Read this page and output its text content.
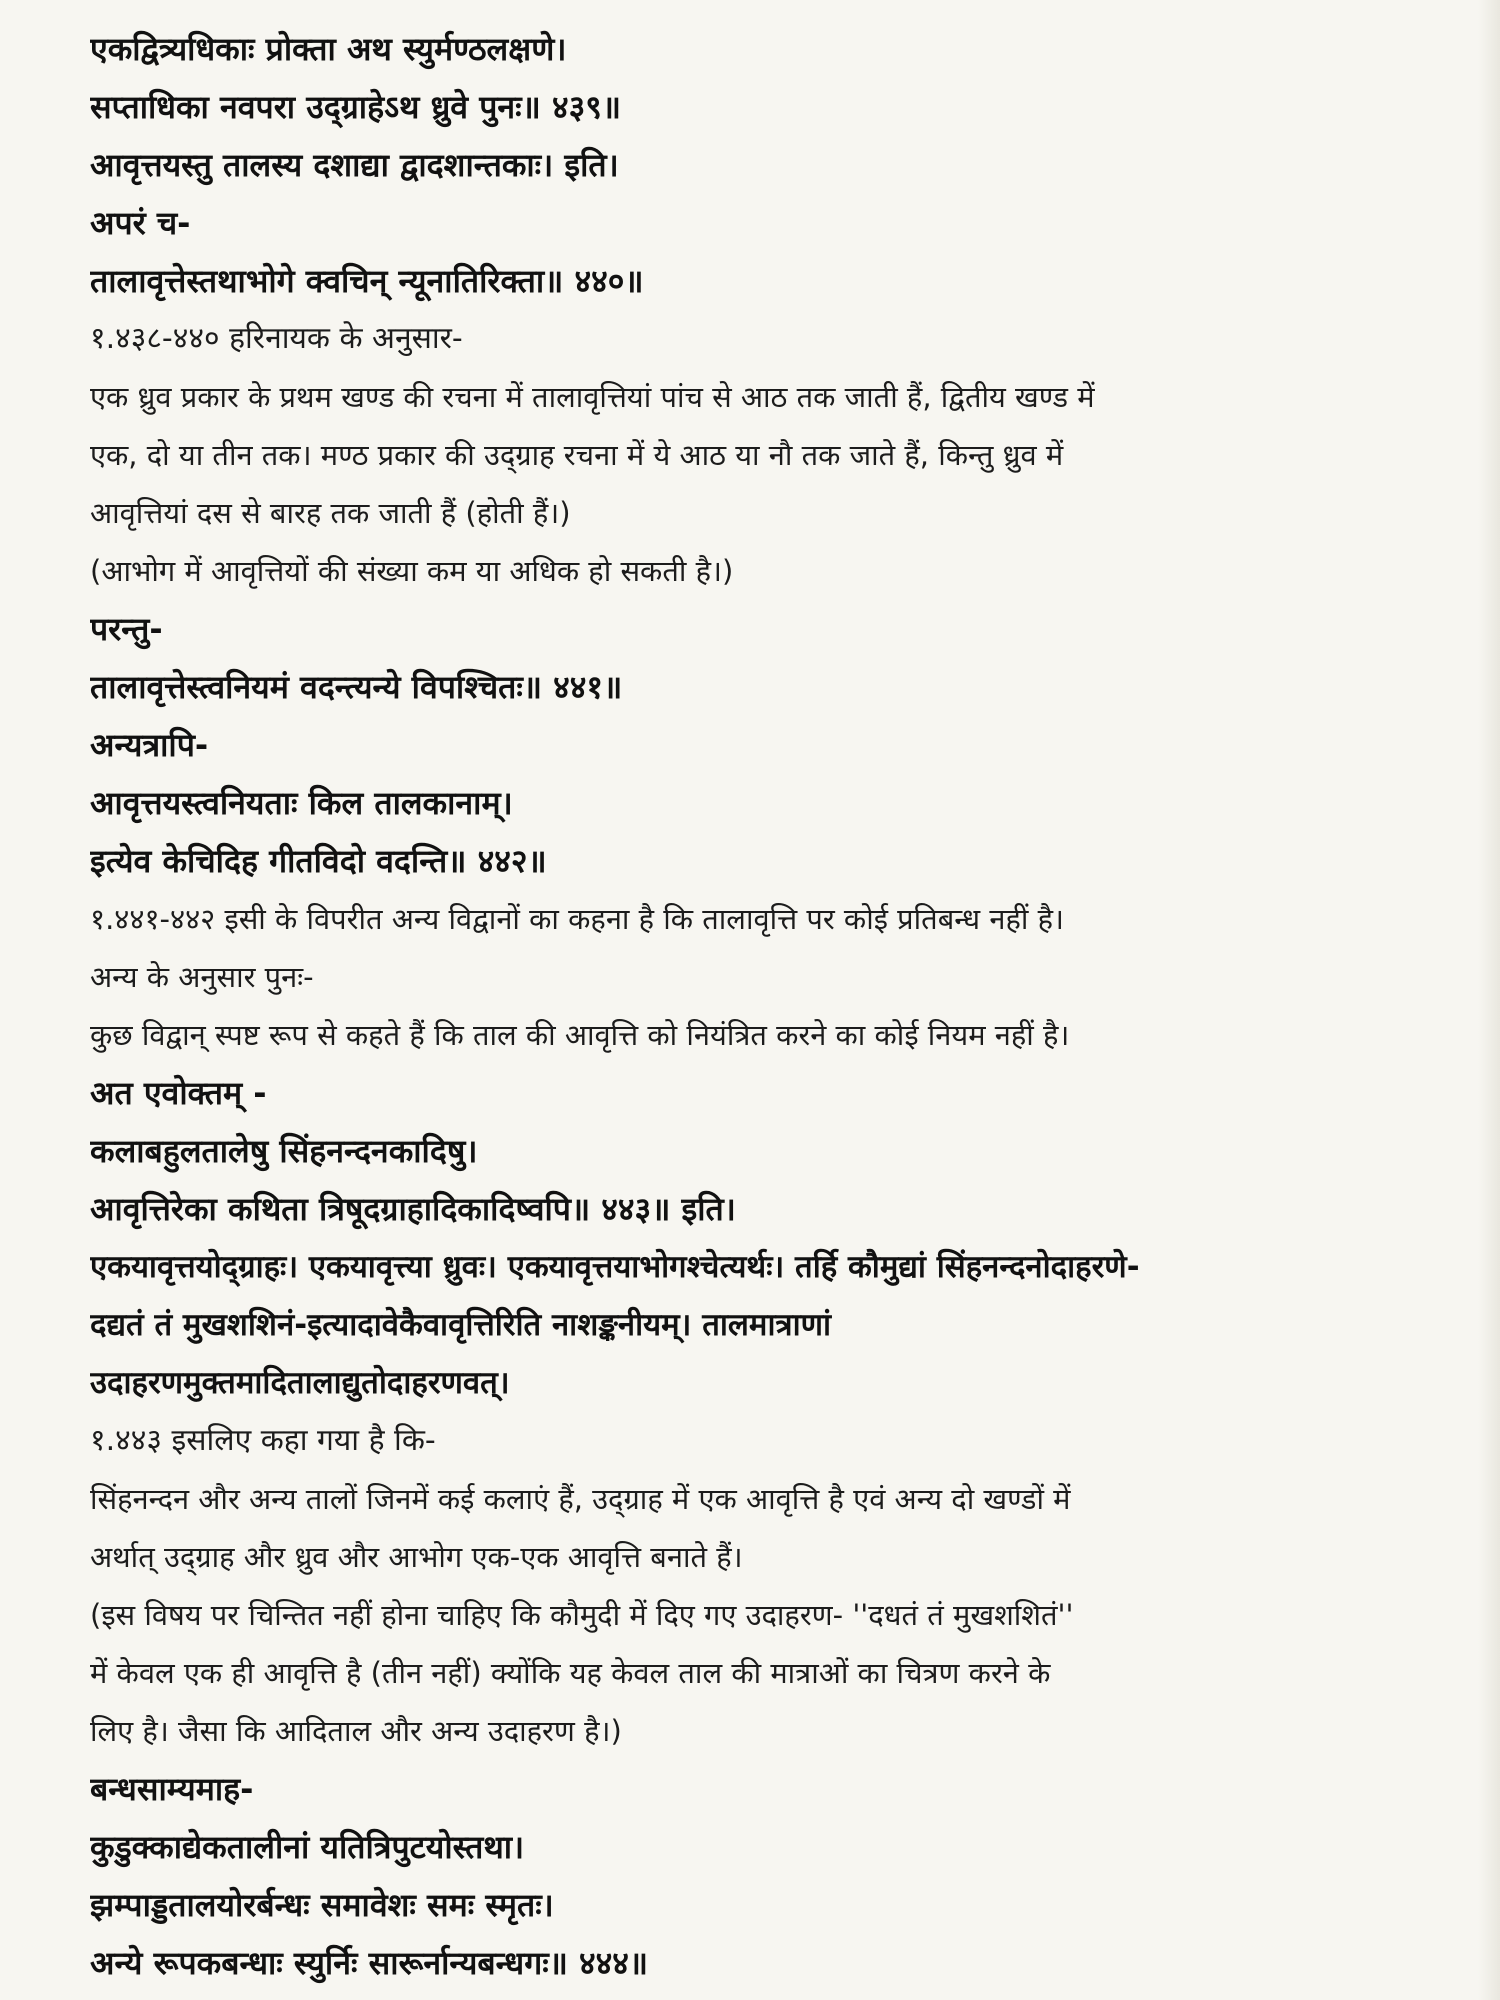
एकद्वित्र्यधिकाः प्रोक्ता अथ स्युर्मण्ठलक्षणे।
सप्ताधिका नवपरा उद्ग्राहेऽथ ध्रुवे पुनः॥ ४३९॥
आवृत्तयस्तु तालस्य दशाद्या द्वादशान्तकाः। इति।
अपरं च-
तालावृत्तेस्तथाभोगे क्वचिन् न्यूनातिरिक्ता॥ ४४०॥
१.४३८-४४० हरिनायक के अनुसार-
एक ध्रुव प्रकार के प्रथम खण्ड की रचना में तालावृत्तियां पांच से आठ तक जाती हैं, द्वितीय खण्ड में
एक, दो या तीन तक। मण्ठ प्रकार की उद्ग्राह रचना में ये आठ या नौ तक जाते हैं, किन्तु ध्रुव में
आवृत्तियां दस से बारह तक जाती हैं (होती हैं।)
(आभोग में आवृत्तियों की संख्या कम या अधिक हो सकती है।)
परन्तु-
तालावृत्तेस्त्वनियमं वदन्त्यन्ये विपश्चितः॥ ४४१॥
अन्यत्रापि-
आवृत्तयस्त्वनियताः किल तालकानाम्।
इत्येव केचिदिह गीतविदो वदन्ति॥ ४४२॥
१.४४१-४४२ इसी के विपरीत अन्य विद्वानों का कहना है कि तालावृत्ति पर कोई प्रतिबन्ध नहीं है।
अन्य के अनुसार पुनः-
कुछ विद्वान् स्पष्ट रूप से कहते हैं कि ताल की आवृत्ति को नियंत्रित करने का कोई नियम नहीं है।
अत एवोक्तम् -
कलाबहुलतालेषु सिंहनन्दनकादिषु।
आवृत्तिरेका कथिता त्रिषूदग्राहादिकादिष्वपि॥ ४४३॥ इति।
एकयावृत्तयोद्ग्राहः। एकयावृत्त्या ध्रुवः। एकयावृत्तयाभोगश्चेत्यर्थः। तर्हि कौमुद्यां सिंहनन्दनोदाहरणे-
दद्यतं तं मुखशशिनं-इत्यादावेकैवावृत्तिरिति नाशङ्कनीयम्। तालमात्राणां
उदाहरणमुक्तमादितालाद्युतोदाहरणवत्।
१.४४३ इसलिए कहा गया है कि-
सिंहनन्दन और अन्य तालों जिनमें कई कलाएं हैं, उद्ग्राह में एक आवृत्ति है एवं अन्य दो खण्डों में
अर्थात् उद्ग्राह और ध्रुव और आभोग एक-एक आवृत्ति बनाते हैं।
(इस विषय पर चिन्तित नहीं होना चाहिए कि कौमुदी में दिए गए उदाहरण- ''दधतं तं मुखशशितं''
में केवल एक ही आवृत्ति है (तीन नहीं) क्योंकि यह केवल ताल की मात्राओं का चित्रण करने के
लिए है। जैसा कि आदिताल और अन्य उदाहरण है।)
बन्धसाम्यमाह-
कुडुक्काद्येकतालीनां यतित्रिपुटयोस्तथा।
झम्पाड्डतालयोरर्बन्धः समावेशः समः स्मृतः।
अन्ये रूपकबन्धाः स्युर्निः सारूर्नान्यबन्धगः॥ ४४४॥
